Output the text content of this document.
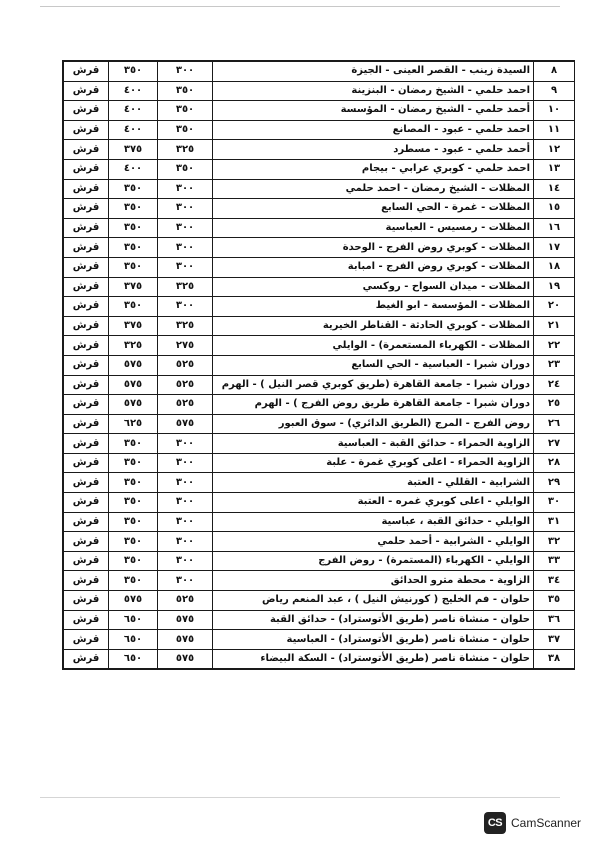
٨	السيدة زينب - القصر العينى - الجيزة	٣٠٠	٣٥٠	قرش
٩	احمد حلمي - الشيخ رمضان - البنزينة	٣٥٠	٤٠٠	قرش
١٠	أحمد حلمي - الشيخ رمضان - المؤسسة	٣٥٠	٤٠٠	قرش
١١	احمد حلمي - عبود - المصانع	٣٥٠	٤٠٠	قرش
١٢	أحمد حلمي - عبود - مسطرد	٣٢٥	٣٧٥	قرش
١٣	احمد حلمي - كوبري عرابي - بيجام	٣٥٠	٤٠٠	قرش
١٤	المظلات - الشيخ رمضان - احمد حلمي	٣٠٠	٣٥٠	قرش
١٥	المظلات - غمرة - الحي السابع	٣٠٠	٣٥٠	قرش
١٦	المظلات - رمسيس - العباسية	٣٠٠	٣٥٠	قرش
١٧	المظلات - كوبري روض الفرج - الوحدة	٣٠٠	٣٥٠	قرش
١٨	المظلات - كوبري روض الفرج - امبابة	٣٠٠	٣٥٠	قرش
١٩	المظلات - ميدان السواح - روكسي	٣٢٥	٣٧٥	قرش
٢٠	المظلات - المؤسسة - ابو الغيط	٣٠٠	٣٥٠	قرش
٢١	المظلات - كوبري الحادثة - القناطر الخيرية	٣٢٥	٣٧٥	قرش
٢٢	المظلات - الكهرباء المستعمرة) - الوايلي	٢٧٥	٣٢٥	قرش
٢٣	دوران شبرا - العباسية - الحي السابع	٥٢٥	٥٧٥	قرش
٢٤	دوران شبرا - جامعة القاهرة (طريق كوبري قصر النيل ) - الهرم	٥٢٥	٥٧٥	قرش
٢٥	دوران شبرا - جامعة القاهرة طريق روض الفرج ) - الهرم	٥٢٥	٥٧٥	قرش
٢٦	روض الفرج - المرج (الطريق الدائري) - سوق العبور	٥٧٥	٦٢٥	قرش
٢٧	الزاوية الحمراء - حدائق القبة - العباسية	٣٠٠	٣٥٠	قرش
٢٨	الزاوية الحمراء - اعلى كوبري غمرة - علبة	٣٠٠	٣٥٠	قرش
٢٩	الشرابية - القللي - العتبة	٣٠٠	٣٥٠	قرش
٣٠	الوايلي - اعلى كوبري غمره - العتبة	٣٠٠	٣٥٠	قرش
٣١	الوايلي - حدائق القبة ، عباسية	٣٠٠	٣٥٠	قرش
٣٢	الوايلي - الشرابية - أحمد حلمي	٣٠٠	٣٥٠	قرش
٣٣	الوايلي - الكهرباء (المستمرة) - روض الفرج	٣٠٠	٣٥٠	قرش
٣٤	الزاوية - محطة مترو الحدائق	٣٠٠	٣٥٠	قرش
٣٥	حلوان - فم الخليج ( كورنيش النيل ) ، عبد المنعم رياض	٥٢٥	٥٧٥	قرش
٣٦	حلوان - منشاة ناصر (طريق الأتوستراد) - حدائق القبة	٥٧٥	٦٥٠	قرش
٣٧	حلوان - منشاة ناصر (طريق الأتوستراد) - العباسية	٥٧٥	٦٥٠	قرش
٣٨	حلوان - منشاة ناصر (طريق الأتوستراد) - السكة البيضاء	٥٧٥	٦٥٠	قرش
CS CamScanner
